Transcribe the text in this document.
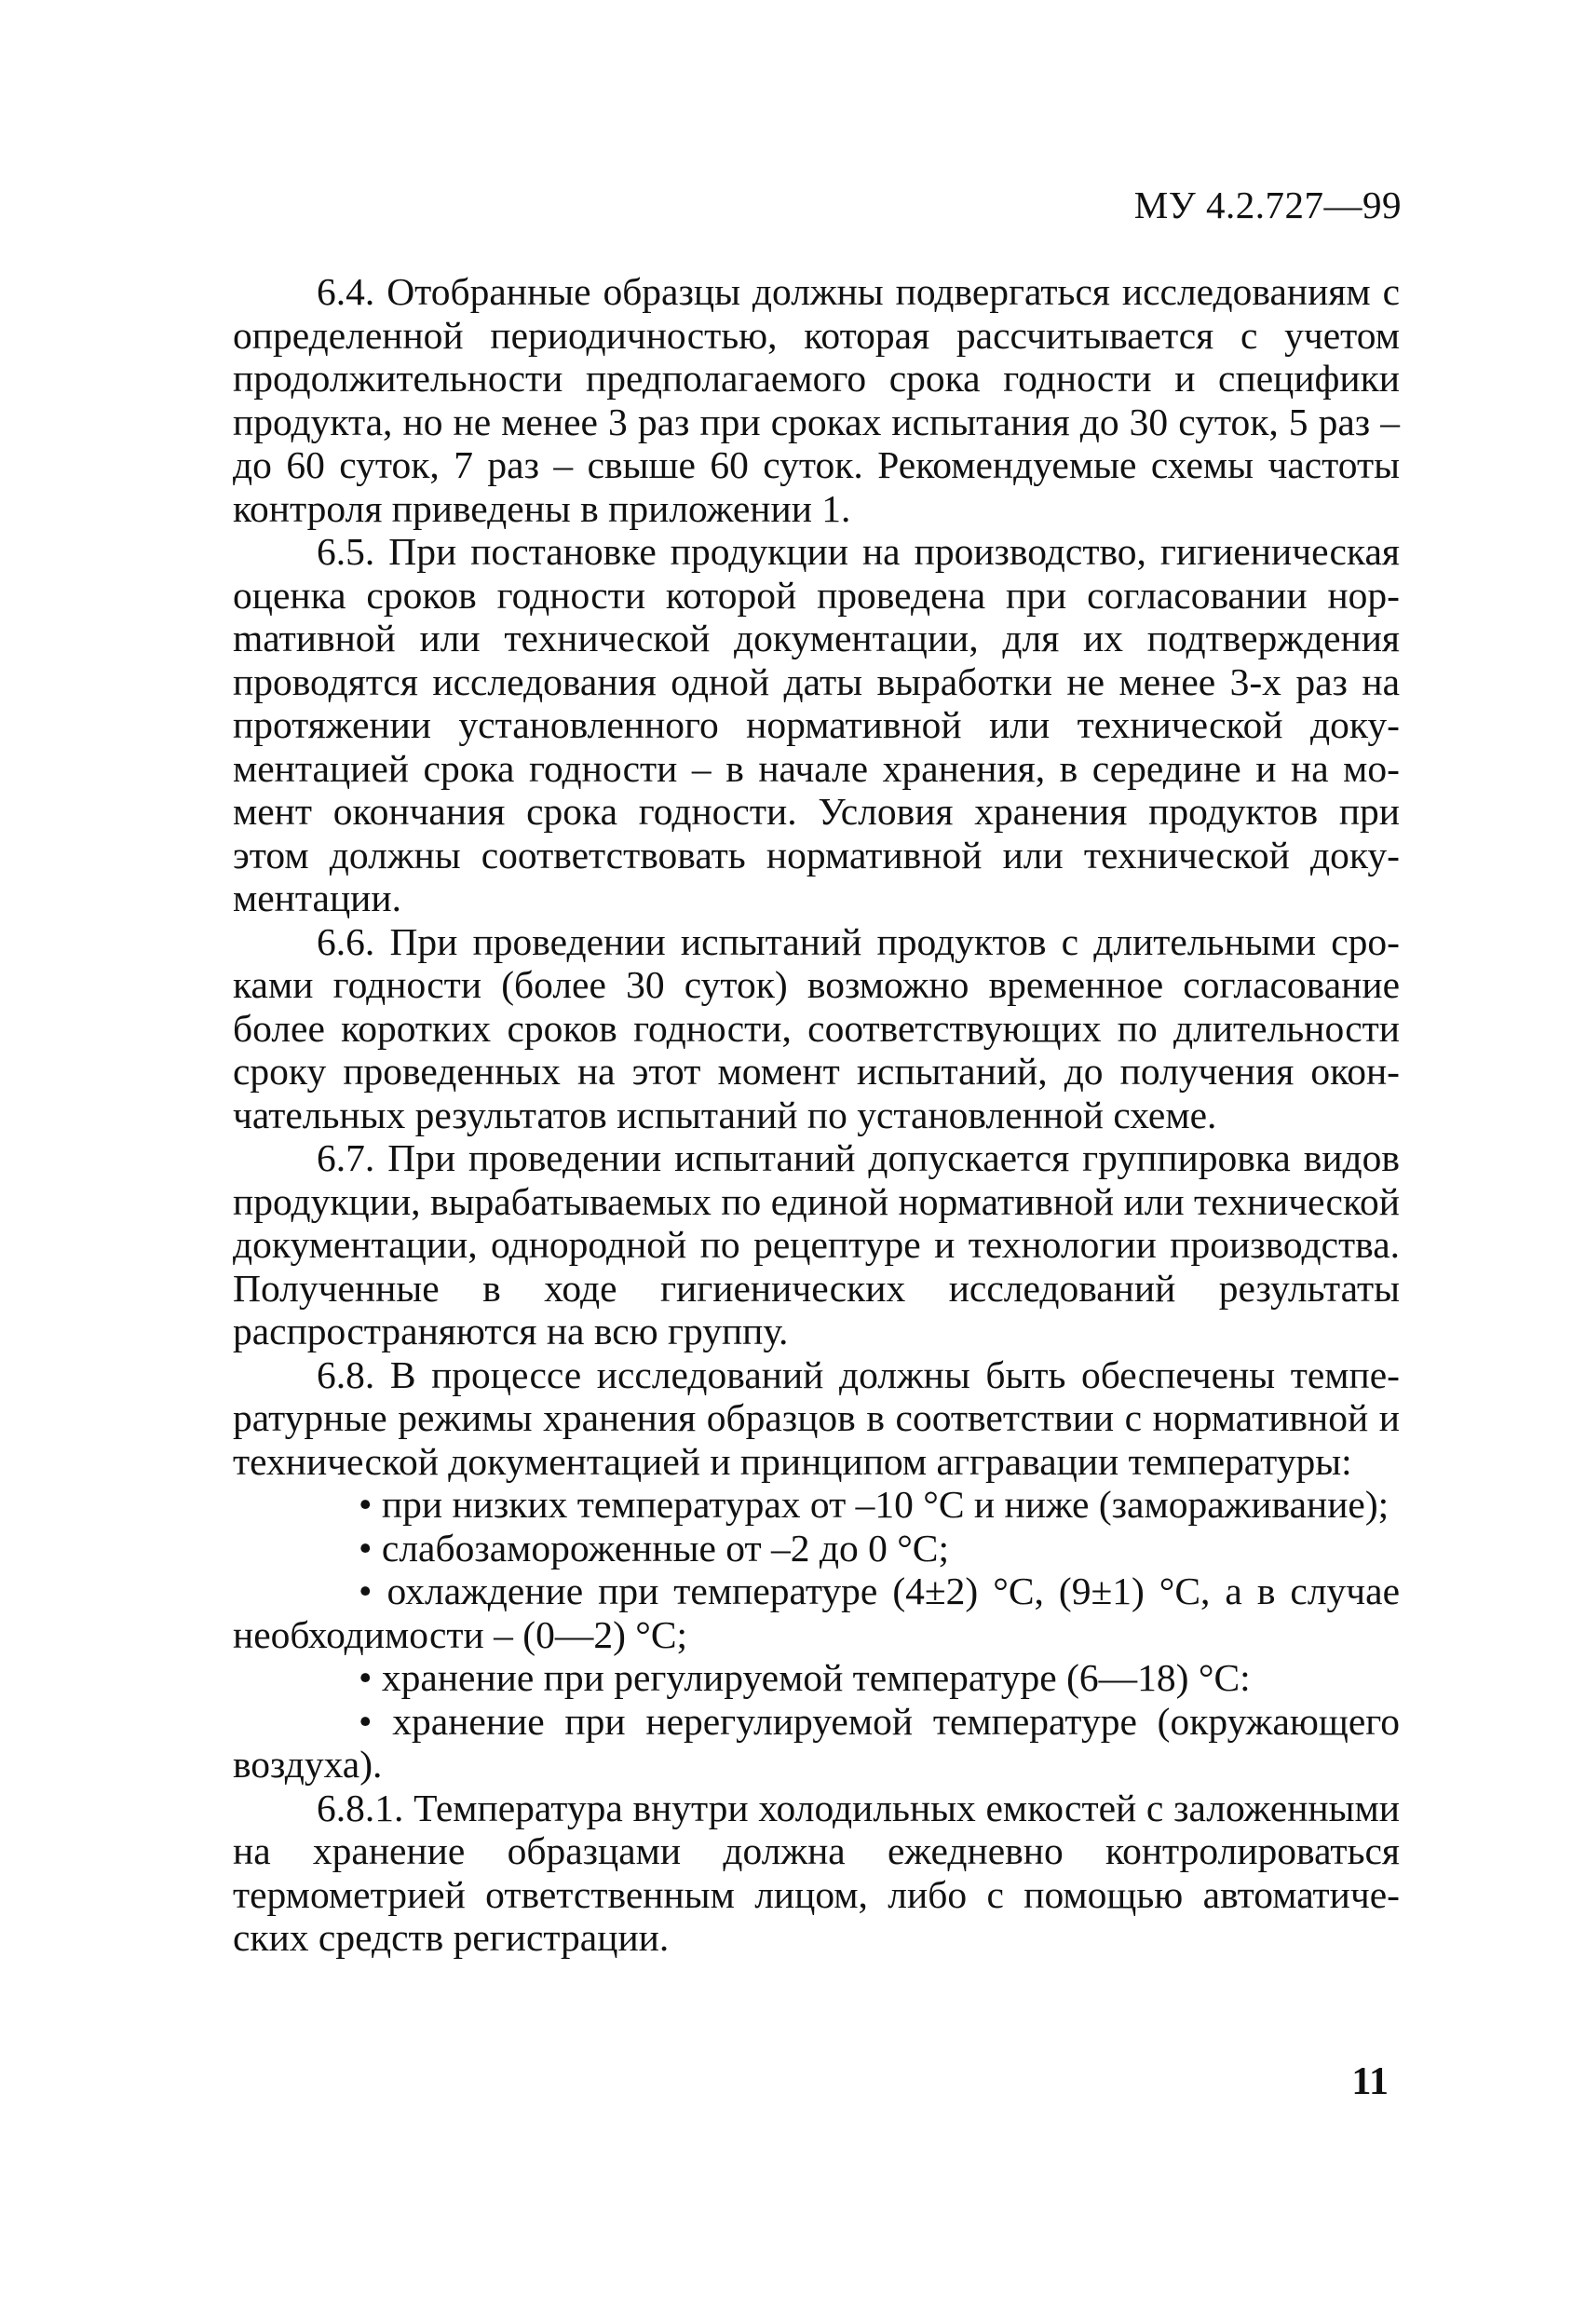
МУ 4.2.727—99

6.4. Отобранные образцы должны подвергаться исследованиям с определенной периодичностью, которая рассчитывается с учетом продолжительности предполагаемого срока годности и специфики продукта, но не менее 3 раз при сроках испытания до 30 суток, 5 раз – до 60 суток, 7 раз – свыше 60 суток. Рекомендуемые схемы частоты контроля приведены в приложении 1.

6.5. При постановке продукции на производство, гигиеническая оценка сроков годности которой проведена при согласовании норmативной или технической документации, для их подтверждения проводятся исследования одной даты выработки не менее 3-х раз на протяжении установленного нормативной или технической документацией срока годности – в начале хранения, в середине и на момент окончания срока годности. Условия хранения продуктов при этом должны соответствовать нормативной или технической документации.

6.6. При проведении испытаний продуктов с длительными сроками годности (более 30 суток) возможно временное согласование более коротких сроков годности, соответствующих по длительности сроку проведенных на этот момент испытаний, до получения окончательных результатов испытаний по установленной схеме.

6.7. При проведении испытаний допускается группировка видов продукции, вырабатываемых по единой нормативной или технической документации, однородной по рецептуре и технологии производства. Полученные в ходе гигиенических исследований результаты распространяются на всю группу.

6.8. В процессе исследований должны быть обеспечены температурные режимы хранения образцов в соответствии с нормативной и технической документацией и принципом аггравации температуры:

• при низких температурах от –10 °С и ниже (замораживание);

• слабозамороженные от –2 до 0 °С;

• охлаждение при температуре (4±2) °С, (9±1) °С, а в случае необходимости – (0—2) °С;

• хранение при регулируемой температуре (6—18) °С:

• хранение при нерегулируемой температуре (окружающего воздуха).

6.8.1. Температура внутри холодильных емкостей с заложенными на хранение образцами должна ежедневно контролироваться термометрией ответственным лицом, либо с помощью автоматических средств регистрации.

11
